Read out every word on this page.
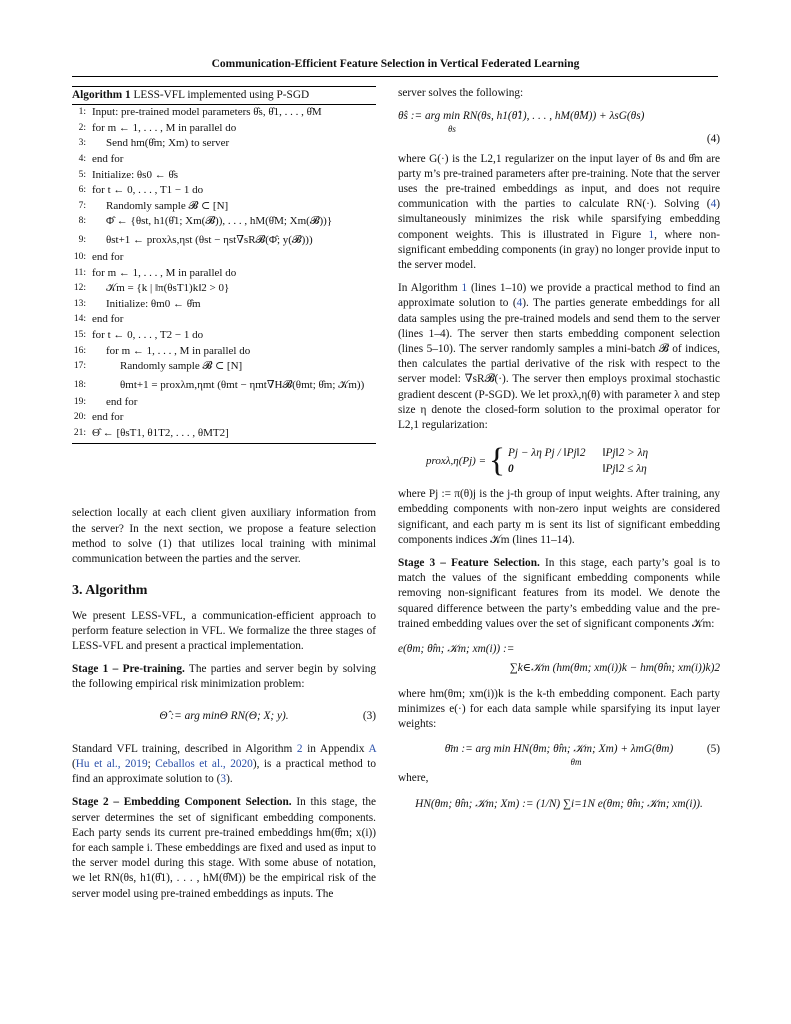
Communication-Efficient Feature Selection in Vertical Federated Learning
Algorithm 1 LESS-VFL implemented using P-SGD
1: Input: pre-trained model parameters θ̂s, θ̂1, . . . , θ̂M
2: for m ← 1, . . . , M in parallel do
3: Send hm(θ̂m; Xm) to server
4: end for
5: Initialize: θs0 ← θ̂s
6: for t ← 0, . . . , T1 − 1 do
7: Randomly sample 𝓑 ⊂ [N]
8: Φ̂ ← {θst, h1(θ̂1; Xm(𝓑)), . . . , hM(θ̂M; Xm(𝓑))}
9: θst+1 ← proxλs,ηst (θst − ηst∇sR𝓑(Φ̂; y(𝓑)))
10: end for
11: for m ← 1, . . . , M in parallel do
12: 𝒦m = {k | ‖π(θsT1)k‖2 > 0}
13: Initialize: θm0 ← θ̂m
14: end for
15: for t ← 0, . . . , T2 − 1 do
16: for m ← 1, . . . , M in parallel do
17:	Randomly sample 𝓑 ⊂ [N]
18:	θmt+1 = proxλm,ηmt (θmt − ηmt∇H𝓑(θmt; θ̂m; 𝒦m))
19: end for
20: end for
21: Θ̂ ← [θsT1, θ1T2, . . . , θMT2]

selection locally at each client given auxiliary information from the server? In the next section, we propose a feature selection method to solve (1) that utilizes local training with minimal communication between the parties and the server.

3. Algorithm

We present LESS-VFL, a communication-efficient approach to perform feature selection in VFL. We formalize the three stages of LESS-VFL and present a practical implementation.

Stage 1 – Pre-training. The parties and server begin by solving the following empirical risk minimization problem:

Θ̂ := arg minΘ RN(Θ; X; y).	(3)

Standard VFL training, described in Algorithm 2 in Appendix A (Hu et al., 2019; Ceballos et al., 2020), is a practical method to find an approximate solution to (3).

Stage 2 – Embedding Component Selection. In this stage, the server determines the set of significant embedding components. Each party sends its current pre-trained embeddings hm(θ̂m; x(i)) for each sample i. These embeddings are fixed and used as input to the server model during this stage. With some abuse of notation, we let RN(θs, h1(θ̂1), . . . , hM(θ̂M)) be the empirical risk of the server model using pre-trained embeddings as inputs. The

server solves the following:

θ̂s := arg min RN(θs, h1(θ̂1), . . . , hM(θ̂M)) + λsG(θs)
θs
(4)

where G(·) is the L2,1 regularizer on the input layer of θs and θ̂m are party m’s pre-trained parameters after pre-training. Note that the server uses the pre-trained embeddings as input, and does not require communication with the parties to calculate RN(·). Solving (4) simultaneously minimizes the risk while sparsifying embedding component weights. This is illustrated in Figure 1, where non-significant embedding components (in gray) no longer provide input to the server model.

In Algorithm 1 (lines 1–10) we provide a practical method to find an approximate solution to (4). The parties generate embeddings for all data samples using the pre-trained models and send them to the server (lines 1–4). The server then starts embedding component selection (lines 5–10). The server randomly samples a mini-batch 𝓑 of indices, then calculates the partial derivative of the risk with respect to the server model: ∇sR𝓑(·). The server then employs proximal stochastic gradient descent (P-SGD). We let proxλ,η(θ) with parameter λ and step size η denote the closed-form solution to the proximal operator for L2,1 regularization:

proxλ,η(Pj) = { Pj − λη Pj / ‖Pj‖2
0 ‖Pj‖2 > λη
‖Pj‖2 ≤ λη

where Pj := π(θ)j is the j-th group of input weights. After training, any embedding components with non-zero input weights are considered significant, and each party m is sent its list of significant embedding components indices 𝒦m (lines 11–14).

Stage 3 – Feature Selection. In this stage, each party’s goal is to match the values of the significant embedding components while removing non-significant features from its model. We denote the squared difference between the party’s embedding value and the pre-trained embedding values over the set of significant components 𝒦m:

e(θm; θ̂m; 𝒦m; xm(i)) :=
∑k∈𝒦m (hm(θm; xm(i))k − hm(θ̂m; xm(i))k)2

where hm(θm; xm(i))k is the k-th embedding component. Each party minimizes e(·) for each data sample while sparsifying its input layer weights:

θ̄m := arg min HN(θm; θ̂m; 𝒦m; Xm) + λmG(θm)	(5)
θm

where,

HN(θm; θ̂m; 𝒦m; Xm) := (1/N) ∑i=1N e(θm; θ̂m; 𝒦m; xm(i)).
